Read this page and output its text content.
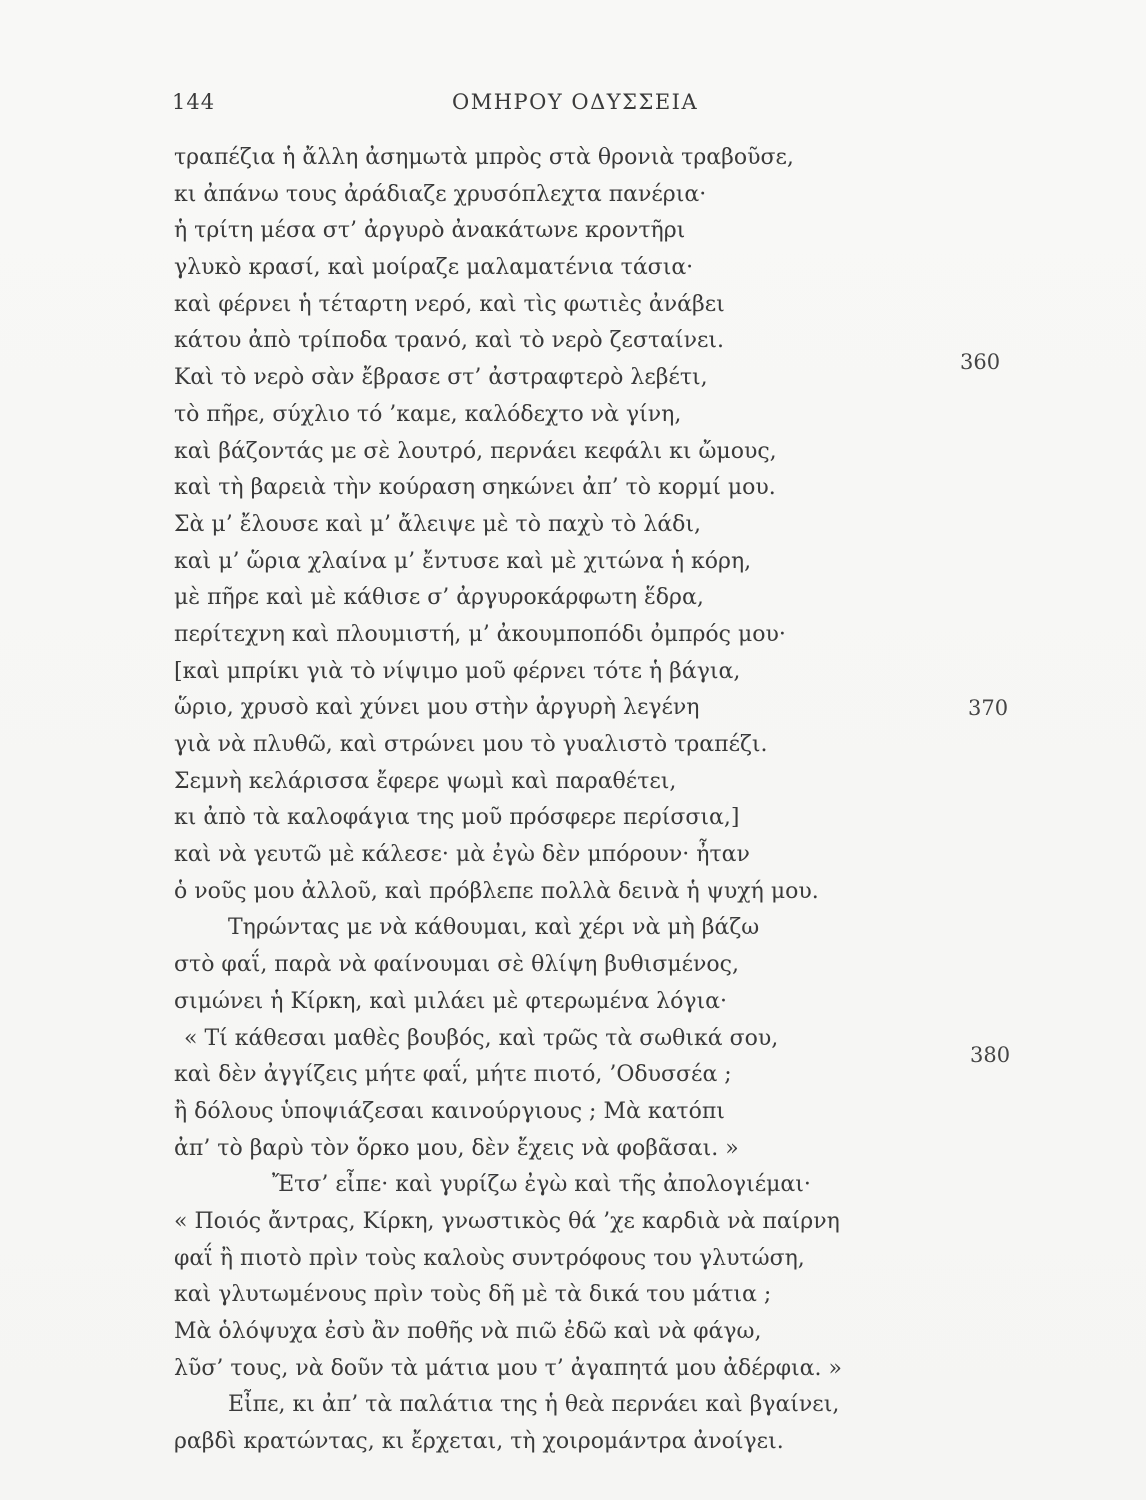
144	ΟΜΗΡΟΥ ΟΔΥΣΣΕΙΑ
τραπέζια ἡ ἄλλη ἀσημωτὰ μπρὸς στὰ θρονιὰ τραβοῦσε,
κι ἀπάνω τους ἀράδιαζε χρυσόπλεχτα πανέρια·
ἡ τρίτη μέσα στ’ ἀργυρὸ ἀνακάτωνε κροντῆρι
γλυκὸ κρασί, καὶ μοίραζε μαλαματένια τάσια·
καὶ φέρνει ἡ τέταρτη νερό, καὶ τὶς φωτιὲς ἀνάβει
κάτου ἀπὸ τρίποδα τρανό, καὶ τὸ νερὸ ζεσταίνει.
Καὶ τὸ νερὸ σὰν ἔβρασε στ’ ἀστραφτερὸ λεβέτι,
τὸ πῆρε, σύχλιο τό ’καμε, καλόδεχτο νὰ γίνη,
καὶ βάζοντάς με σὲ λουτρό, περνάει κεφάλι κι ὤμους,
καὶ τὴ βαρειὰ τὴν κούραση σηκώνει ἀπ’ τὸ κορμί μου.
Σὰ μ’ ἔλουσε καὶ μ’ ἄλειψε μὲ τὸ παχὺ τὸ λάδι,
καὶ μ’ ὥρια χλαίνα μ’ ἔντυσε καὶ μὲ χιτώνα ἡ κόρη,
μὲ πῆρε καὶ μὲ κάθισε σ’ ἀργυροκάρφωτη ἕδρα,
περίτεχνη καὶ πλουμιστή, μ’ ἀκουμποπόδι ὀμπρός μου·
[καὶ μπρίκι γιὰ τὸ νίψιμο μοῦ φέρνει τότε ἡ βάγια,
ὥριο, χρυσὸ καὶ χύνει μου στὴν ἀργυρὴ λεγένη
γιὰ νὰ πλυθῶ, καὶ στρώνει μου τὸ γυαλιστὸ τραπέζι.
Σεμνὴ κελάρισσα ἔφερε ψωμὶ καὶ παραθέτει,
κι ἀπὸ τὰ καλοφάγια της μοῦ πρόσφερε περίσσια,]
καὶ νὰ γευτῶ μὲ κάλεσε· μὰ ἐγὼ δὲν μπόρουν· ἦταν
ὁ νοῦς μου ἀλλοῦ, καὶ πρόβλεπε πολλὰ δεινὰ ἡ ψυχή μου.
Τηρώντας με νὰ κάθουμαι, καὶ χέρι νὰ μὴ βάζω
στὸ φαΐ, παρὰ νὰ φαίνουμαι σὲ θλίψη βυθισμένος,
σιμώνει ἡ Κίρκη, καὶ μιλάει μὲ φτερωμένα λόγια·
« Τί κάθεσαι μαθὲς βουβός, καὶ τρῶς τὰ σωθικά σου,
καὶ δὲν ἀγγίζεις μήτε φαΐ, μήτε πιοτό, ’Οδυσσέα ;
ἢ δόλους ὑποψιάζεσαι καινούργιους ; Μὰ κατόπι
ἀπ’ τὸ βαρὺ τὸν ὅρκο μου, δὲν ἔχεις νὰ φοβᾶσαι. »
Ἔτσ’ εἶπε· καὶ γυρίζω ἐγὼ καὶ τῆς ἀπολογιέμαι·
« Ποιός ἄντρας, Κίρκη, γνωστικὸς θά ’χε καρδιὰ νὰ παίρνη
φαΐ ἢ πιοτὸ πρὶν τοὺς καλοὺς συντρόφους του γλυτώση,
καὶ γλυτωμένους πρὶν τοὺς δῆ μὲ τὰ δικά του μάτια ;
Μὰ ὁλόψυχα ἐσὺ ἂν ποθῆς νὰ πιῶ ἐδῶ καὶ νὰ φάγω,
λῦσ’ τους, νὰ δοῦν τὰ μάτια μου τ’ ἀγαπητά μου ἀδέρφια. »
Εἶπε, κι ἀπ’ τὰ παλάτια της ἡ θεὰ περνάει καὶ βγαίνει,
ραβδὶ κρατώντας, κι ἔρχεται, τὴ χοιρομάντρα ἀνοίγει.
360
370
380
